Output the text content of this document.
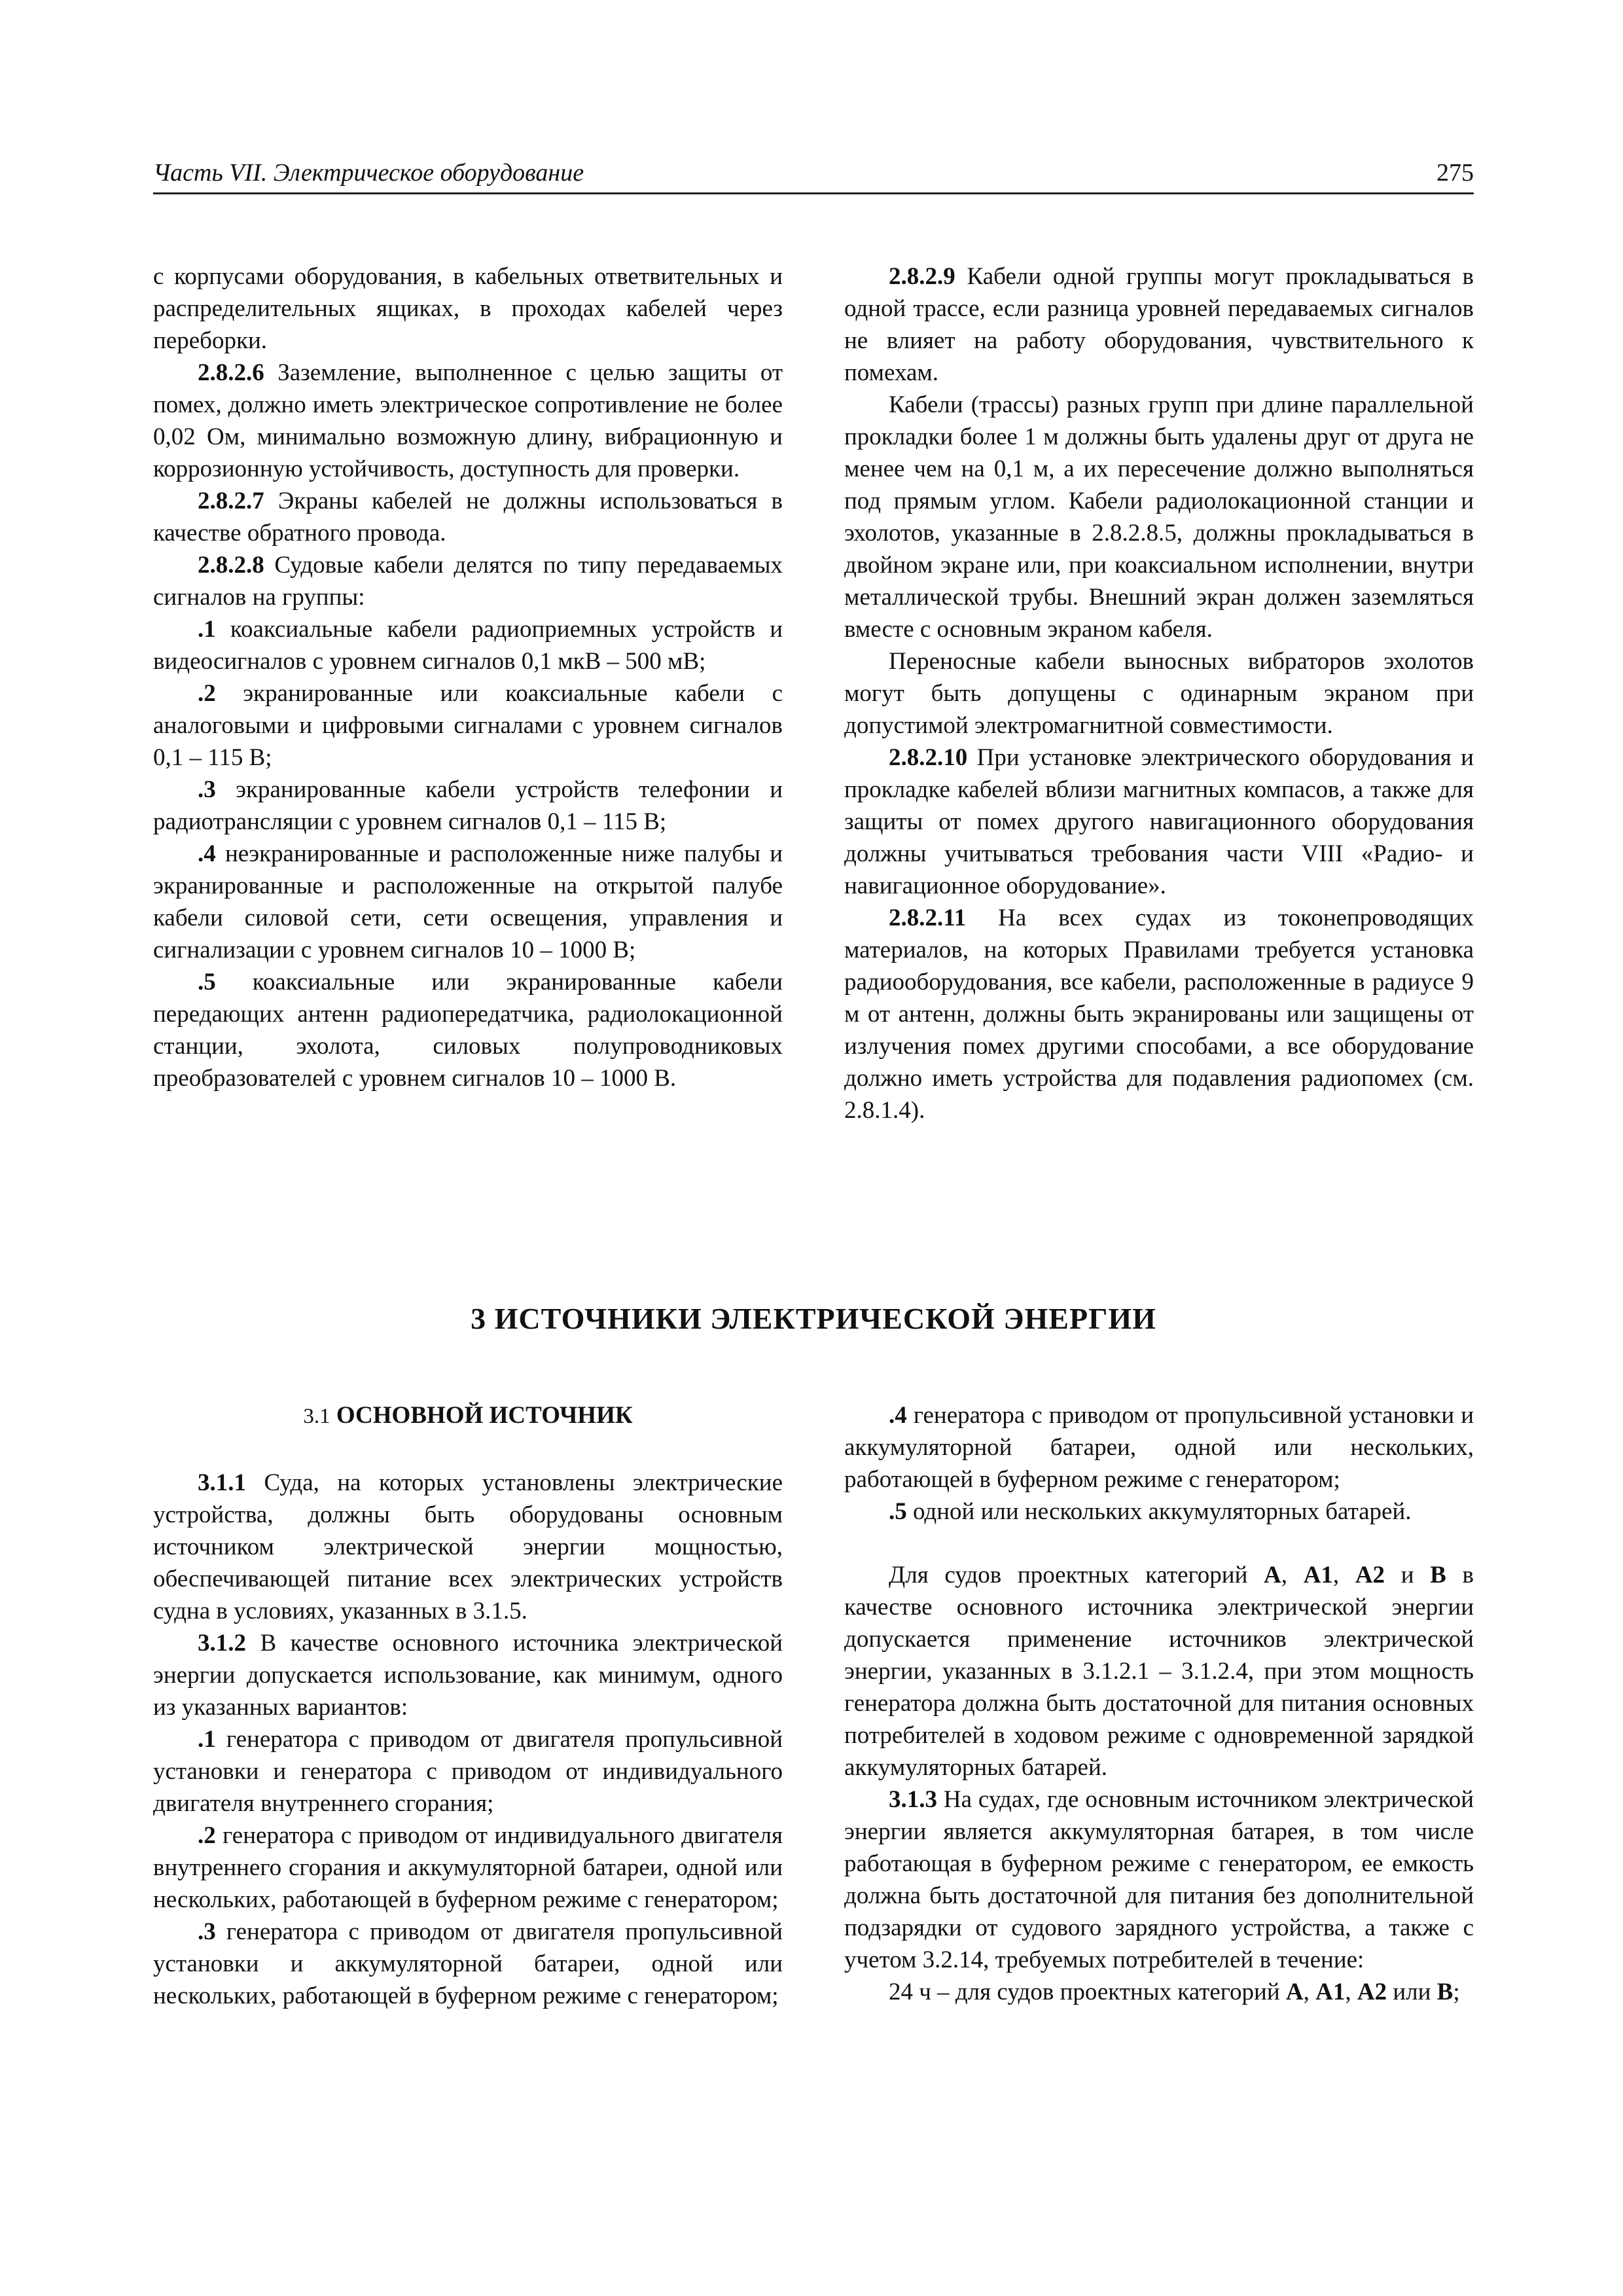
Часть VII. Электрическое оборудование	275

с корпусами оборудования, в кабельных ответвительных и распределительных ящиках, в проходах кабелей через переборки.

2.8.2.6 Заземление, выполненное с целью защиты от помех, должно иметь электрическое сопротивление не более 0,02 Ом, минимально возможную длину, вибрационную и коррозионную устойчивость, доступность для проверки.

2.8.2.7 Экраны кабелей не должны использоваться в качестве обратного провода.

2.8.2.8 Судовые кабели делятся по типу передаваемых сигналов на группы:

.1 коаксиальные кабели радиоприемных устройств и видеосигналов с уровнем сигналов 0,1 мкВ – 500 мВ;

.2 экранированные или коаксиальные кабели с аналоговыми и цифровыми сигналами с уровнем сигналов 0,1 – 115 В;

.3 экранированные кабели устройств телефонии и радиотрансляции с уровнем сигналов 0,1 – 115 В;

.4 неэкранированные и расположенные ниже палубы и экранированные и расположенные на открытой палубе кабели силовой сети, сети освещения, управления и сигнализации с уровнем сигналов 10 – 1000 В;

.5 коаксиальные или экранированные кабели передающих антенн радиопередатчика, радиолокационной станции, эхолота, силовых полупроводниковых преобразователей с уровнем сигналов 10 – 1000 В.

2.8.2.9 Кабели одной группы могут прокладываться в одной трассе, если разница уровней передаваемых сигналов не влияет на работу оборудования, чувствительного к помехам.

Кабели (трассы) разных групп при длине параллельной прокладки более 1 м должны быть удалены друг от друга не менее чем на 0,1 м, а их пересечение должно выполняться под прямым углом. Кабели радиолокационной станции и эхолотов, указанные в 2.8.2.8.5, должны прокладываться в двойном экране или, при коаксиальном исполнении, внутри металлической трубы. Внешний экран должен заземляться вместе с основным экраном кабеля.

Переносные кабели выносных вибраторов эхолотов могут быть допущены с одинарным экраном при допустимой электромагнитной совместимости.

2.8.2.10 При установке электрического оборудования и прокладке кабелей вблизи магнитных компасов, а также для защиты от помех другого навигационного оборудования должны учитываться требования части VIII «Радио- и навигационное оборудование».

2.8.2.11 На всех судах из токонепроводящих материалов, на которых Правилами требуется установка радиооборудования, все кабели, расположенные в радиусе 9 м от антенн, должны быть экранированы или защищены от излучения помех другими способами, а все оборудование должно иметь устройства для подавления радиопомех (см. 2.8.1.4).

3 ИСТОЧНИКИ ЭЛЕКТРИЧЕСКОЙ ЭНЕРГИИ
3.1 ОСНОВНОЙ ИСТОЧНИК

3.1.1 Суда, на которых установлены электрические устройства, должны быть оборудованы основным источником электрической энергии мощностью, обеспечивающей питание всех электрических устройств судна в условиях, указанных в 3.1.5.

3.1.2 В качестве основного источника электрической энергии допускается использование, как минимум, одного из указанных вариантов:

.1 генератора с приводом от двигателя пропульсивной установки и генератора с приводом от индивидуального двигателя внутреннего сгорания;

.2 генератора с приводом от индивидуального двигателя внутреннего сгорания и аккумуляторной батареи, одной или нескольких, работающей в буферном режиме с генератором;

.3 генератора с приводом от двигателя пропульсивной установки и аккумуляторной батареи, одной или нескольких, работающей в буферном режиме с генератором;

.4 генератора с приводом от пропульсивной установки и аккумуляторной батареи, одной или нескольких, работающей в буферном режиме с генератором;

.5 одной или нескольких аккумуляторных батарей.

Для судов проектных категорий А, А1, А2 и В в качестве основного источника электрической энергии допускается применение источников электрической энергии, указанных в 3.1.2.1 – 3.1.2.4, при этом мощность генератора должна быть достаточной для питания основных потребителей в ходовом режиме с одновременной зарядкой аккумуляторных батарей.

3.1.3 На судах, где основным источником электрической энергии является аккумуляторная батарея, в том числе работающая в буферном режиме с генератором, ее емкость должна быть достаточной для питания без дополнительной подзарядки от судового зарядного устройства, а также с учетом 3.2.14, требуемых потребителей в течение:

24 ч – для судов проектных категорий А, А1, А2 или В;
